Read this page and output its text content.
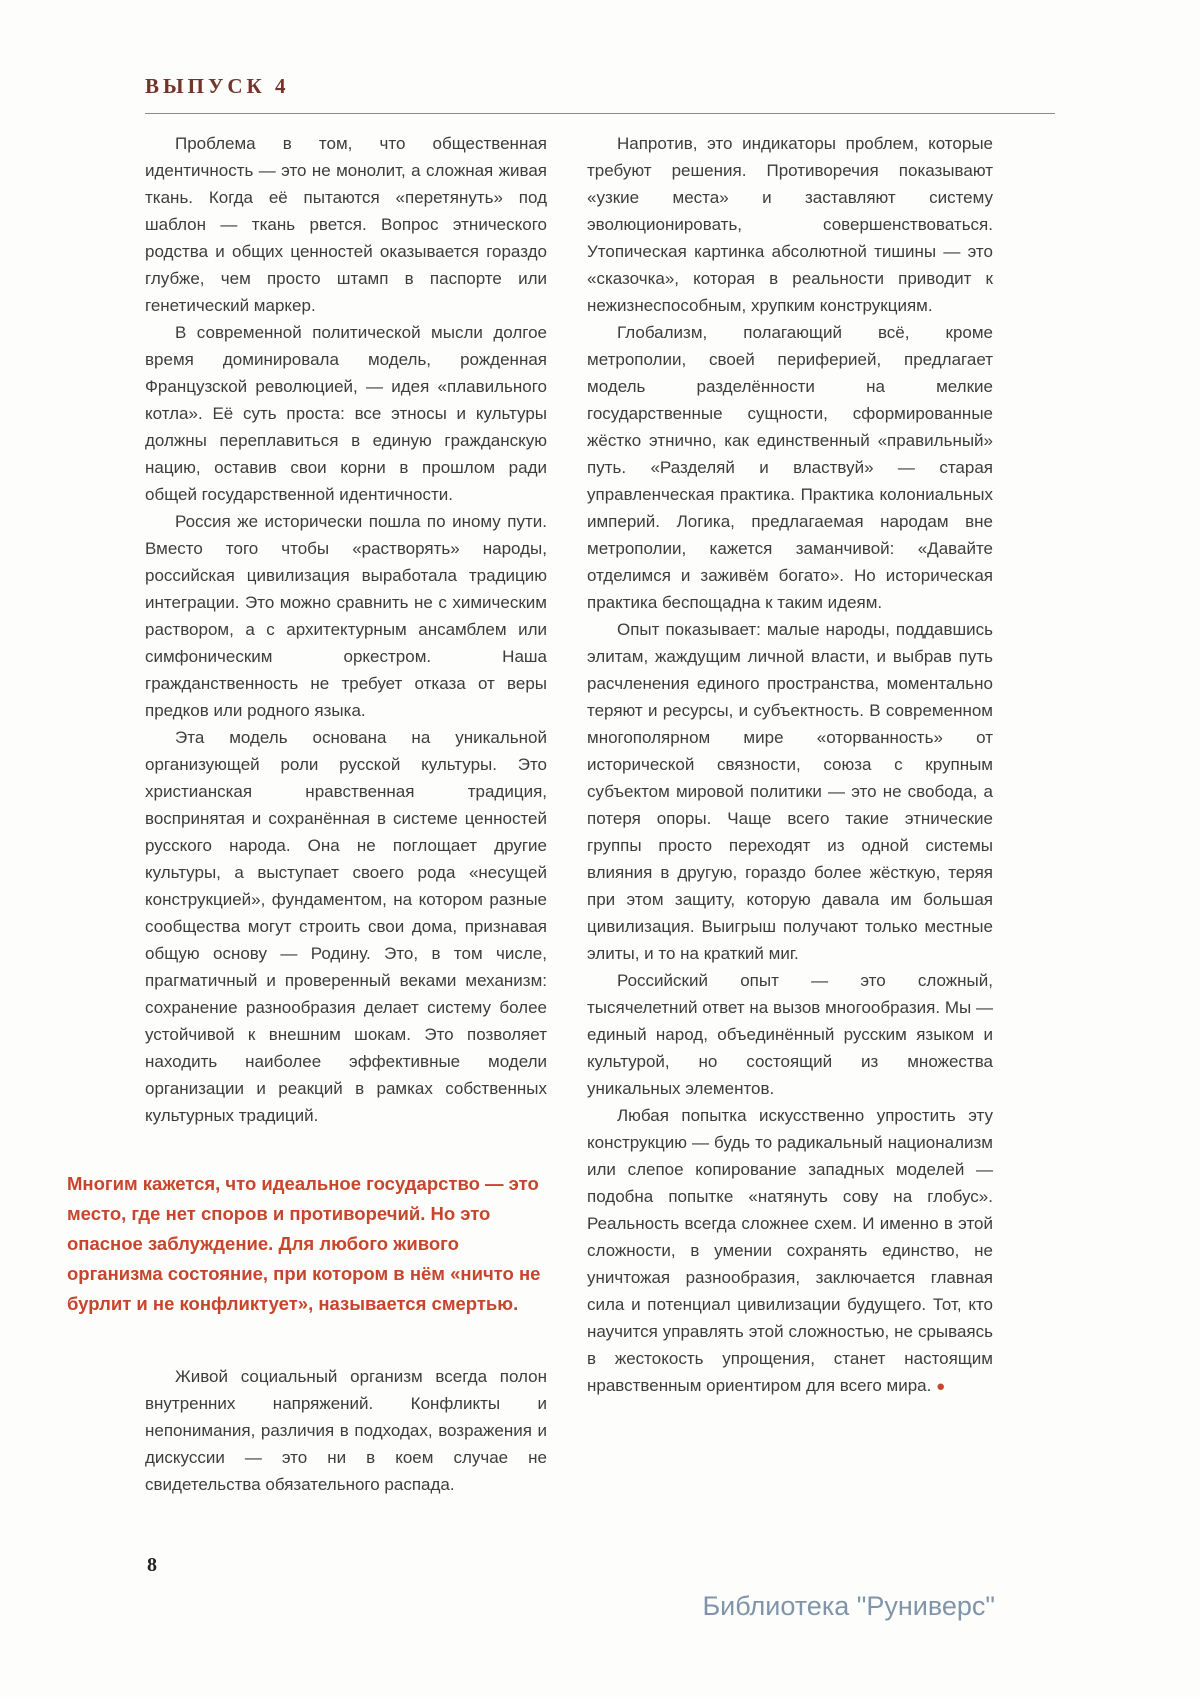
ВЫПУСК 4

Проблема в том, что общественная идентичность — это не монолит, а сложная живая ткань. Когда её пытаются «перетянуть» под шаблон — ткань рвется. Вопрос этнического родства и общих ценностей оказывается гораздо глубже, чем просто штамп в паспорте или генетический маркер.

В современной политической мысли долгое время доминировала модель, рожденная Французской революцией, — идея «плавильного котла». Её суть проста: все этносы и культуры должны переплавиться в единую гражданскую нацию, оставив свои корни в прошлом ради общей государственной идентичности.

Россия же исторически пошла по иному пути. Вместо того чтобы «растворять» народы, российская цивилизация выработала традицию интеграции. Это можно сравнить не с химическим раствором, а с архитектурным ансамблем или симфоническим оркестром. Наша гражданственность не требует отказа от веры предков или родного языка.

Эта модель основана на уникальной организующей роли русской культуры. Это христианская нравственная традиция, воспринятая и сохранённая в системе ценностей русского народа. Она не поглощает другие культуры, а выступает своего рода «несущей конструкцией», фундаментом, на котором разные сообщества могут строить свои дома, признавая общую основу — Родину. Это, в том числе, прагматичный и проверенный веками механизм: сохранение разнообразия делает систему более устойчивой к внешним шокам. Это позволяет находить наиболее эффективные модели организации и реакций в рамках собственных культурных традиций.

Многим кажется, что идеальное государство — это место, где нет споров и противоречий. Но это опасное заблуждение. Для любого живого организма состояние, при котором в нём «ничто не бурлит и не конфликтует», называется смертью.

Живой социальный организм всегда полон внутренних напряжений. Конфликты и непонимания, различия в подходах, возражения и дискуссии — это ни в коем случае не свидетельства обязательного распада.

Напротив, это индикаторы проблем, которые требуют решения. Противоречия показывают «узкие места» и заставляют систему эволюционировать, совершенствоваться. Утопическая картинка абсолютной тишины — это «сказочка», которая в реальности приводит к нежизнеспособным, хрупким конструкциям.

Глобализм, полагающий всё, кроме метрополии, своей периферией, предлагает модель разделённости на мелкие государственные сущности, сформированные жёстко этнично, как единственный «правильный» путь. «Разделяй и властвуй» — старая управленческая практика. Практика колониальных империй. Логика, предлагаемая народам вне метрополии, кажется заманчивой: «Давайте отделимся и заживём богато». Но историческая практика беспощадна к таким идеям.

Опыт показывает: малые народы, поддавшись элитам, жаждущим личной власти, и выбрав путь расчленения единого пространства, моментально теряют и ресурсы, и субъектность. В современном многополярном мире «оторванность» от исторической связности, союза с крупным субъектом мировой политики — это не свобода, а потеря опоры. Чаще всего такие этнические группы просто переходят из одной системы влияния в другую, гораздо более жёсткую, теряя при этом защиту, которую давала им большая цивилизация. Выигрыш получают только местные элиты, и то на краткий миг.

Российский опыт — это сложный, тысячелетний ответ на вызов многообразия. Мы — единый народ, объединённый русским языком и культурой, но состоящий из множества уникальных элементов.

Любая попытка искусственно упростить эту конструкцию — будь то радикальный национализм или слепое копирование западных моделей — подобна попытке «натянуть сову на глобус». Реальность всегда сложнее схем. И именно в этой сложности, в умении сохранять единство, не уничтожая разнообразия, заключается главная сила и потенциал цивилизации будущего. Тот, кто научится управлять этой сложностью, не срываясь в жестокость упрощения, станет настоящим нравственным ориентиром для всего мира. ●

8
Библиотека "Руниверс"
